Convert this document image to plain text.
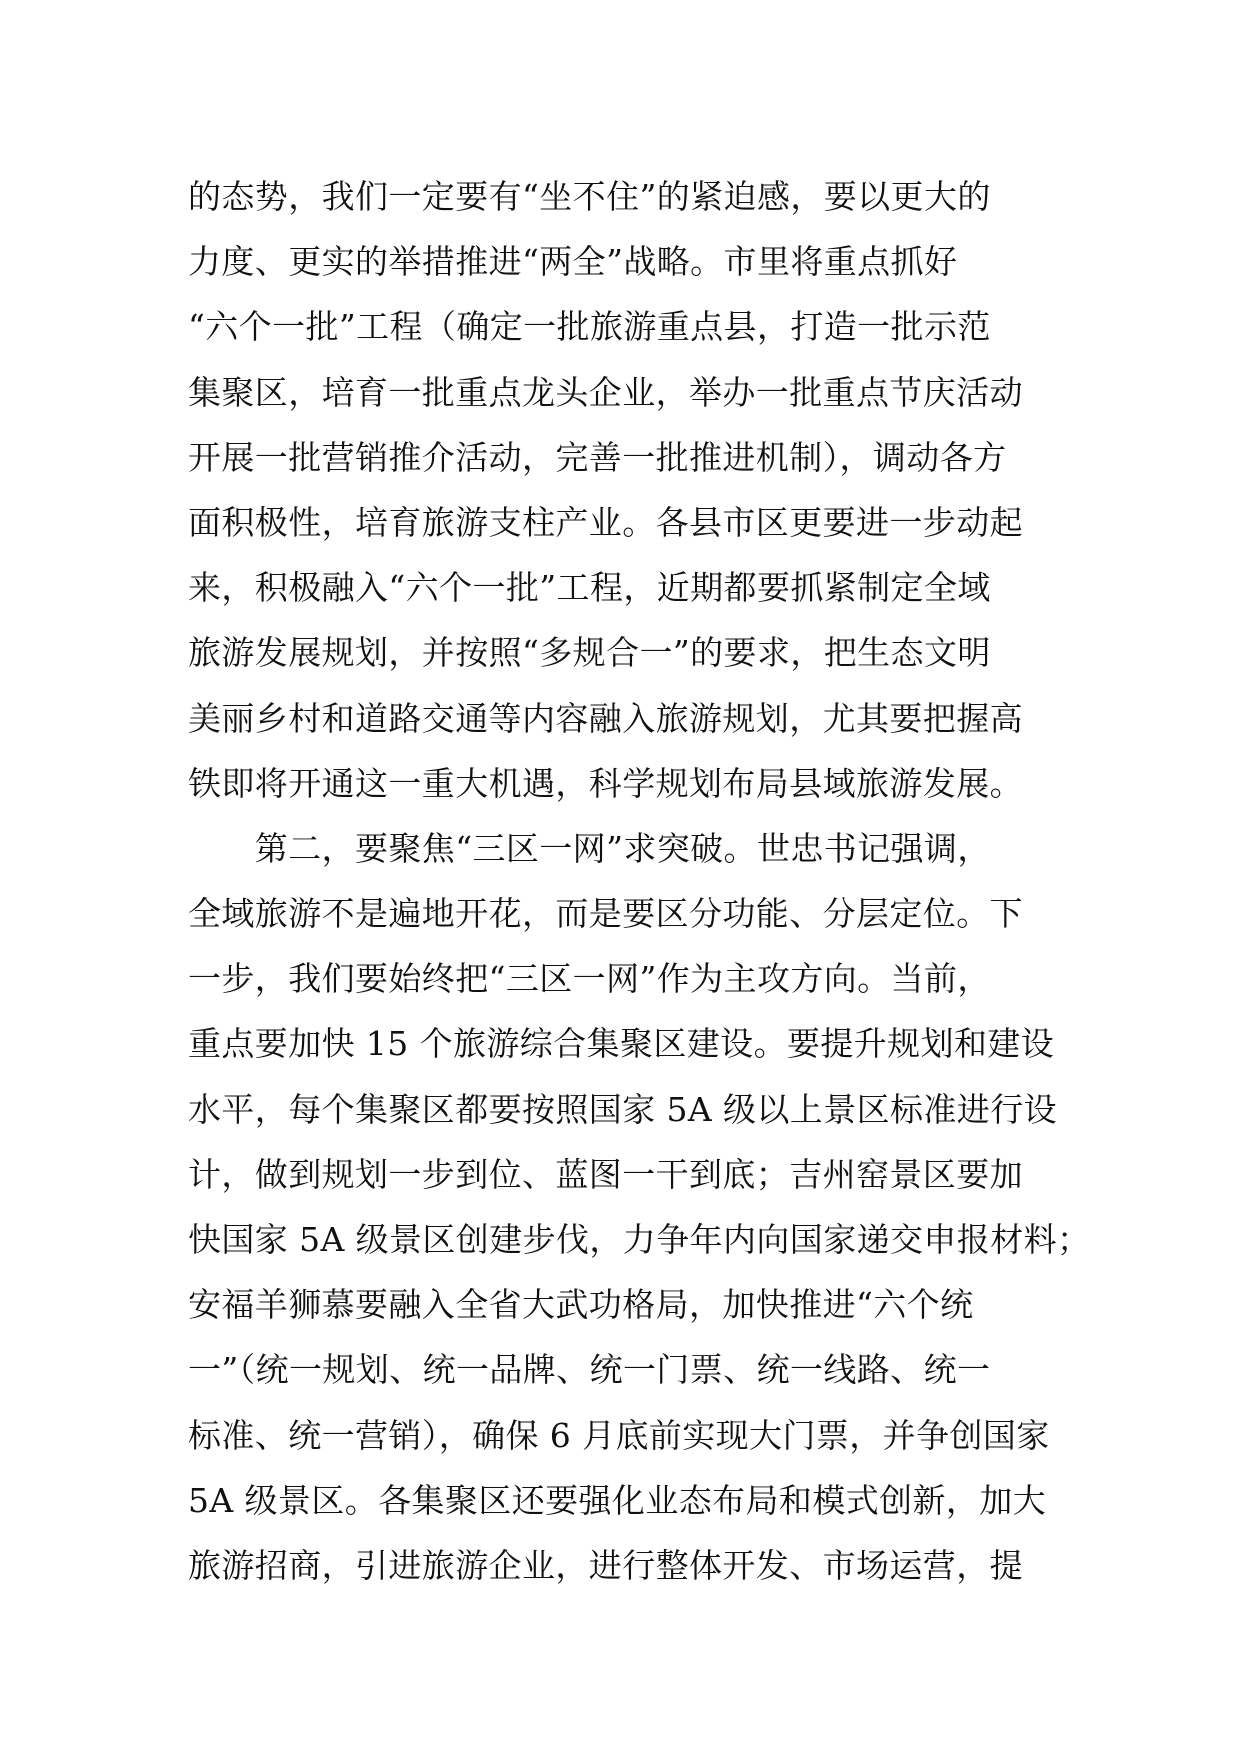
的态势，我们一定要有“坐不住”的紧迫感，要以更大的
力度、更实的举措推进“两全”战略。市里将重点抓好
“六个一批”工程（确定一批旅游重点县，打造一批示范
集聚区，培育一批重点龙头企业，举办一批重点节庆活动
开展一批营销推介活动，完善一批推进机制），调动各方
面积极性，培育旅游支柱产业。各县市区更要进一步动起
来，积极融入“六个一批”工程，近期都要抓紧制定全域
旅游发展规划，并按照“多规合一”的要求，把生态文明
美丽乡村和道路交通等内容融入旅游规划，尤其要把握高
铁即将开通这一重大机遇，科学规划布局县域旅游发展。
　　第二，要聚焦“三区一网”求突破。世忠书记强调，
全域旅游不是遍地开花，而是要区分功能、分层定位。下
一步，我们要始终把“三区一网”作为主攻方向。当前，
重点要加快 15 个旅游综合集聚区建设。要提升规划和建设
水平，每个集聚区都要按照国家 5A 级以上景区标准进行设
计，做到规划一步到位、蓝图一干到底；吉州窑景区要加
快国家 5A 级景区创建步伐，力争年内向国家递交申报材料；
安福羊狮慕要融入全省大武功格局，加快推进“六个统
一”（统一规划、统一品牌、统一门票、统一线路、统一
标准、统一营销），确保 6 月底前实现大门票，并争创国家
5A 级景区。各集聚区还要强化业态布局和模式创新，加大
旅游招商，引进旅游企业，进行整体开发、市场运营，提
